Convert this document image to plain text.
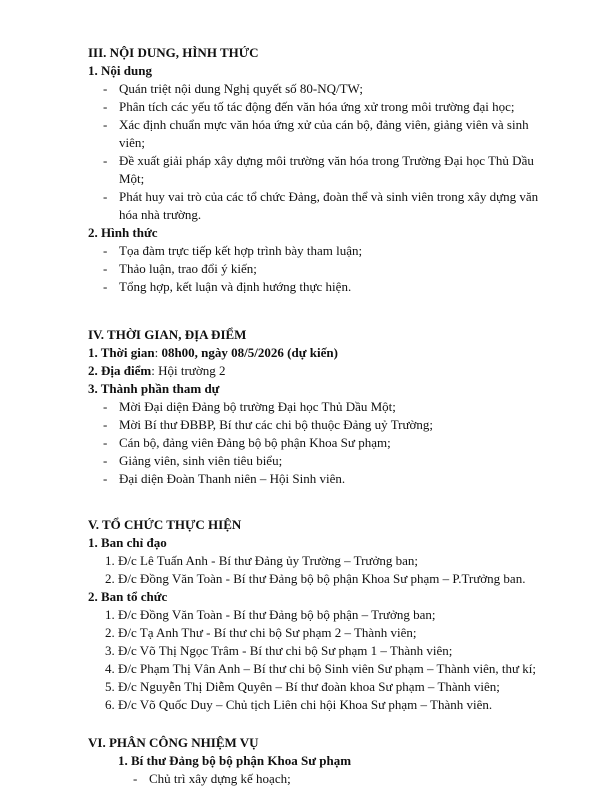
III. NỘI DUNG, HÌNH THỨC
1. Nội dung
- Quán triệt nội dung Nghị quyết số 80-NQ/TW;
- Phân tích các yếu tố tác động đến văn hóa ứng xử trong môi trường đại học;
- Xác định chuẩn mực văn hóa ứng xử của cán bộ, đảng viên, giảng viên và sinh viên;
- Đề xuất giải pháp xây dựng môi trường văn hóa trong Trường Đại học Thủ Dầu Một;
- Phát huy vai trò của các tổ chức Đảng, đoàn thể và sinh viên trong xây dựng văn hóa nhà trường.
2. Hình thức
- Tọa đàm trực tiếp kết hợp trình bày tham luận;
- Thảo luận, trao đổi ý kiến;
- Tổng hợp, kết luận và định hướng thực hiện.
IV. THỜI GIAN, ĐỊA ĐIỂM
1. Thời gian: 08h00, ngày 08/5/2026 (dự kiến)
2. Địa điểm: Hội trường 2
3. Thành phần tham dự
- Mời Đại diện Đảng bộ trường Đại học Thủ Dầu Một;
- Mời Bí thư ĐBBP, Bí thư các chi bộ thuộc Đảng uỷ Trường;
- Cán bộ, đảng viên Đảng bộ bộ phận Khoa Sư phạm;
- Giảng viên, sinh viên tiêu biểu;
- Đại diện Đoàn Thanh niên – Hội Sinh viên.
V. TỔ CHỨC THỰC HIỆN
1. Ban chỉ đạo
1. Đ/c Lê Tuấn Anh - Bí thư Đảng ủy Trường – Trưởng ban;
2. Đ/c Đồng Văn Toàn - Bí thư Đảng bộ bộ phận Khoa Sư phạm – P.Trưởng ban.
2. Ban tổ chức
1. Đ/c Đồng Văn Toàn - Bí thư Đảng bộ bộ phận – Trưởng ban;
2. Đ/c Tạ Anh Thư - Bí thư chi bộ Sư phạm 2 – Thành viên;
3. Đ/c Võ Thị Ngọc Trâm - Bí thư chi bộ Sư phạm 1 – Thành viên;
4. Đ/c Phạm Thị Vân Anh – Bí thư chi bộ Sinh viên Sư phạm – Thành viên, thư kí;
5. Đ/c Nguyễn Thị Diễm Quyên – Bí thư đoàn khoa Sư phạm – Thành viên;
6. Đ/c Võ Quốc Duy – Chủ tịch Liên chi hội Khoa Sư phạm – Thành viên.
VI. PHÂN CÔNG NHIỆM VỤ
1. Bí thư Đảng bộ bộ phận Khoa Sư phạm
- Chủ trì xây dựng kế hoạch;
